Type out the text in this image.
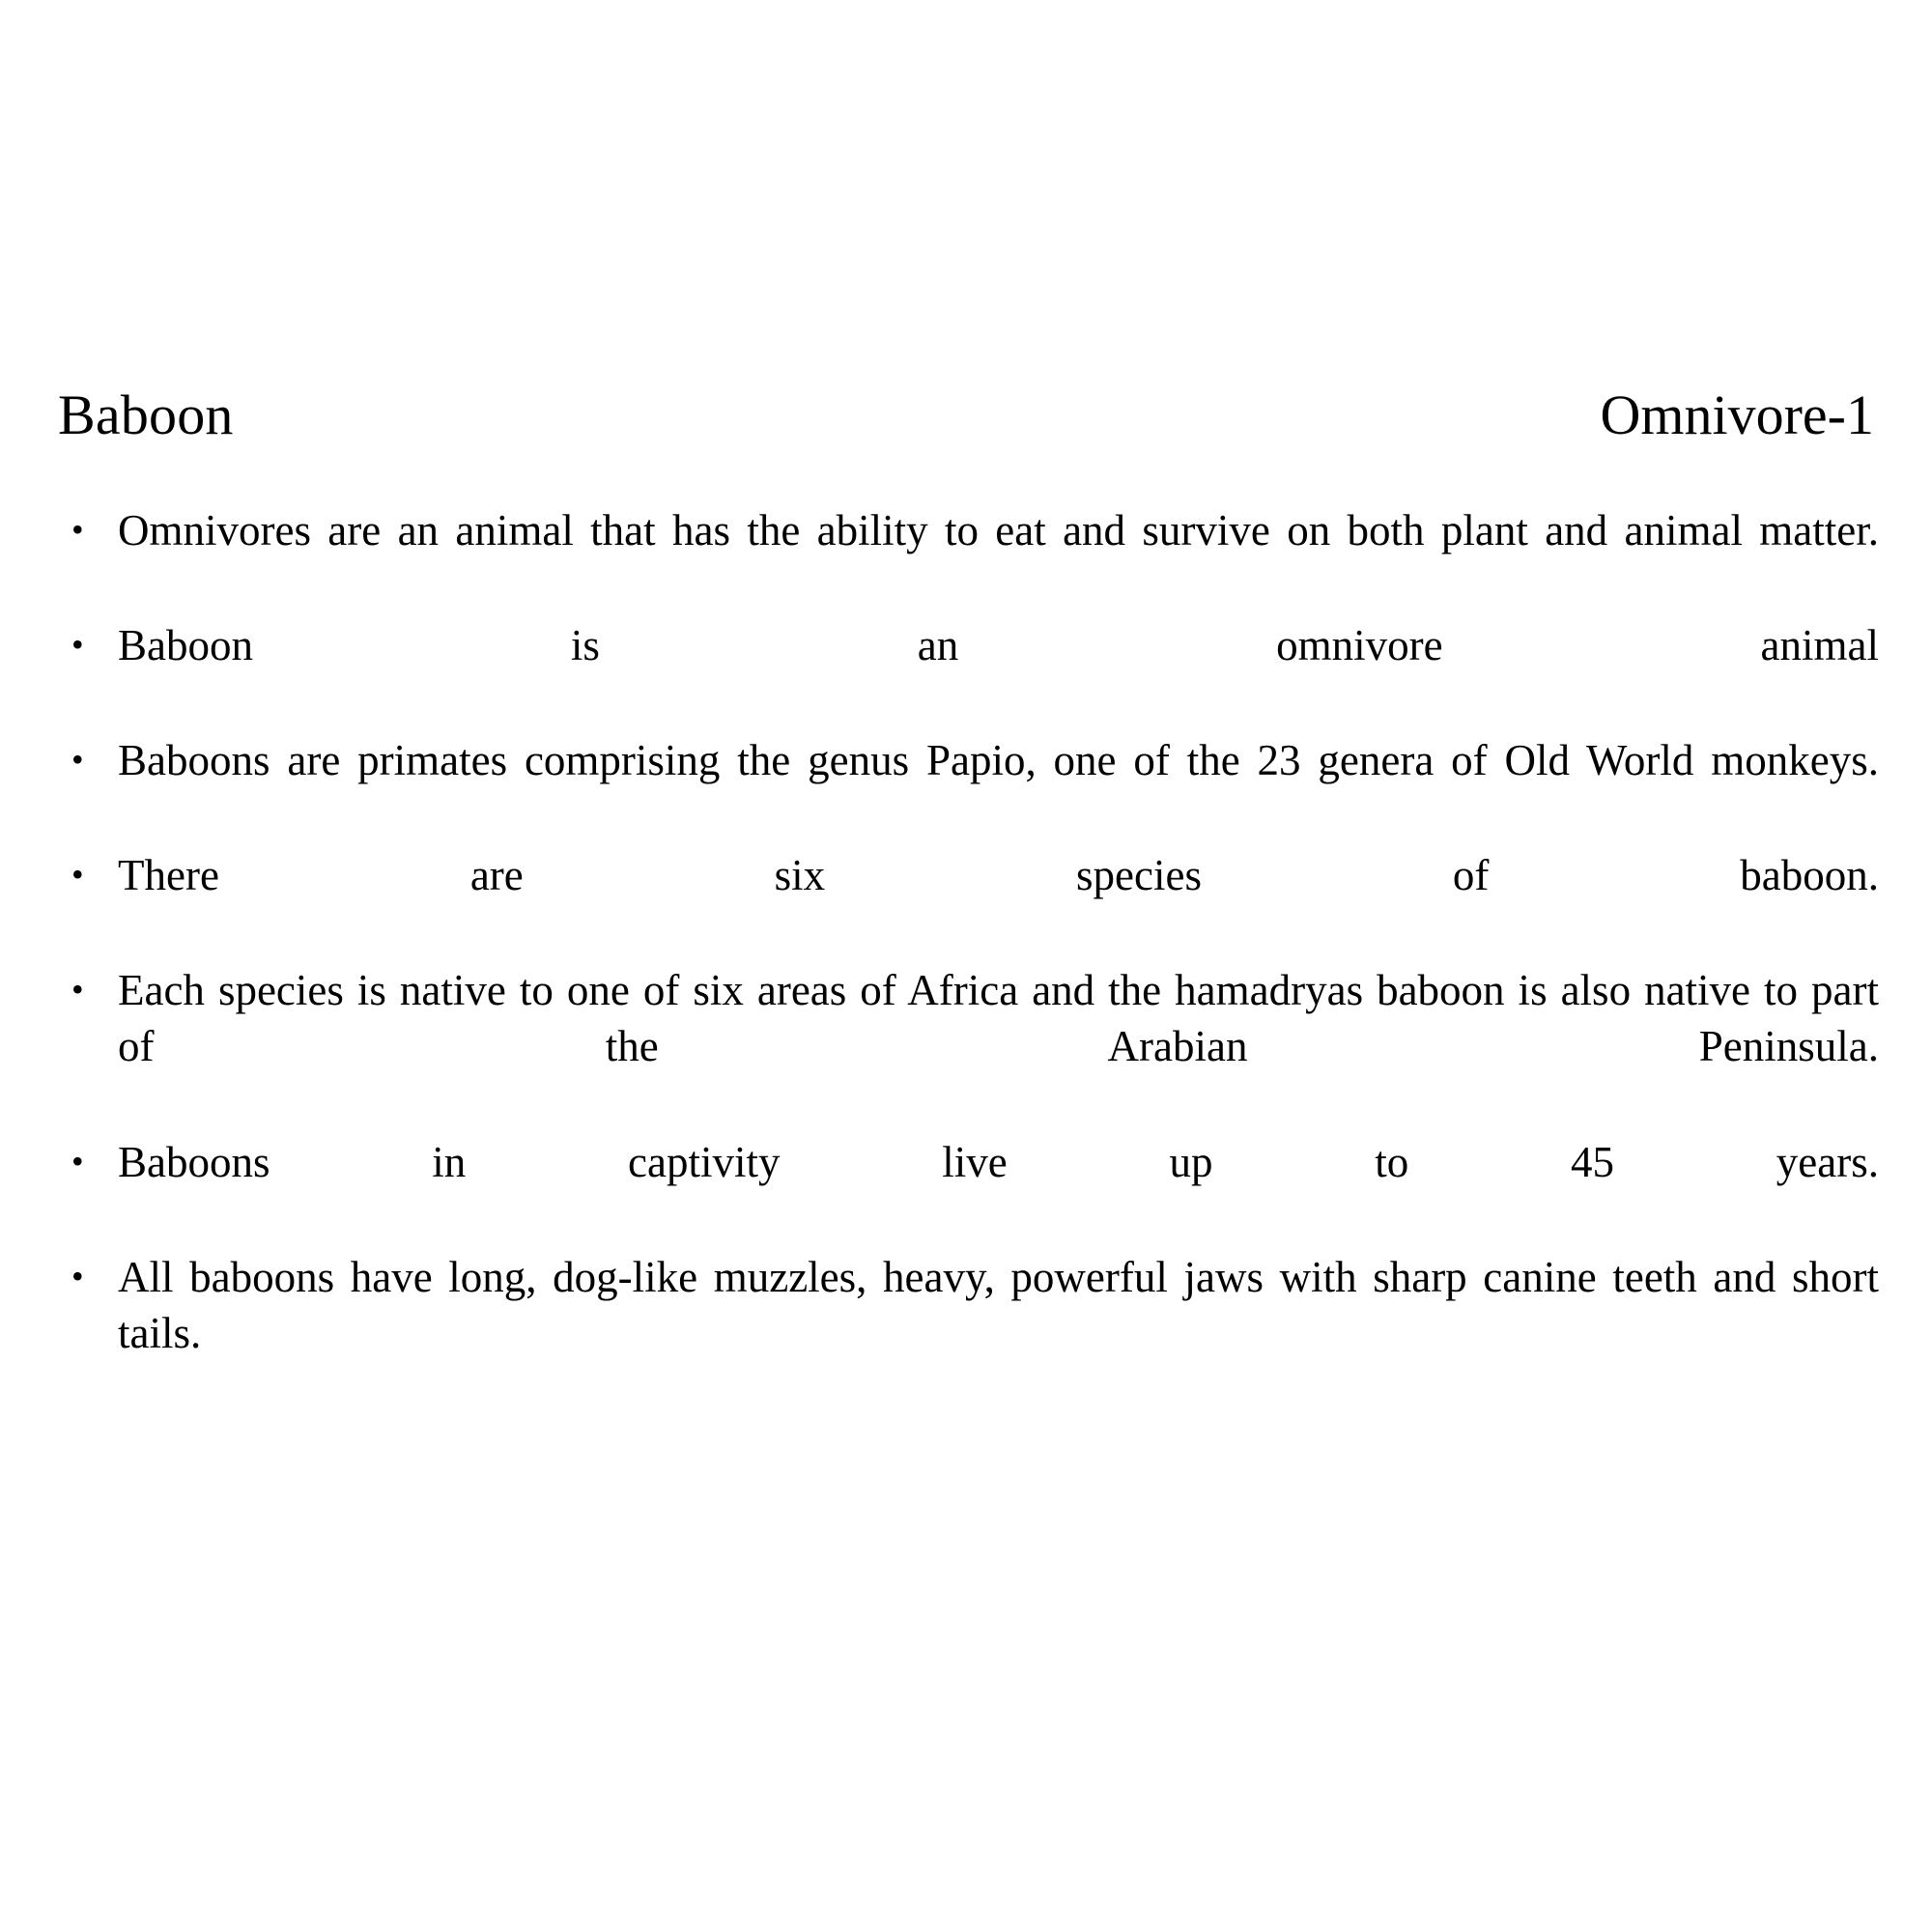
Baboon	Omnivore-1
• Omnivores are an animal that has the ability to eat and survive on both plant and animal matter.
• Baboon is an omnivore animal
• Baboons are primates comprising the genus Papio, one of the 23 genera of Old World monkeys.
• There are six species of baboon.
• Each species is native to one of six areas of Africa and the hamadryas baboon is also native to part of the Arabian Peninsula.
• Baboons in captivity live up to 45 years.
• All baboons have long, dog-like muzzles, heavy, powerful jaws with sharp canine teeth and short tails.
